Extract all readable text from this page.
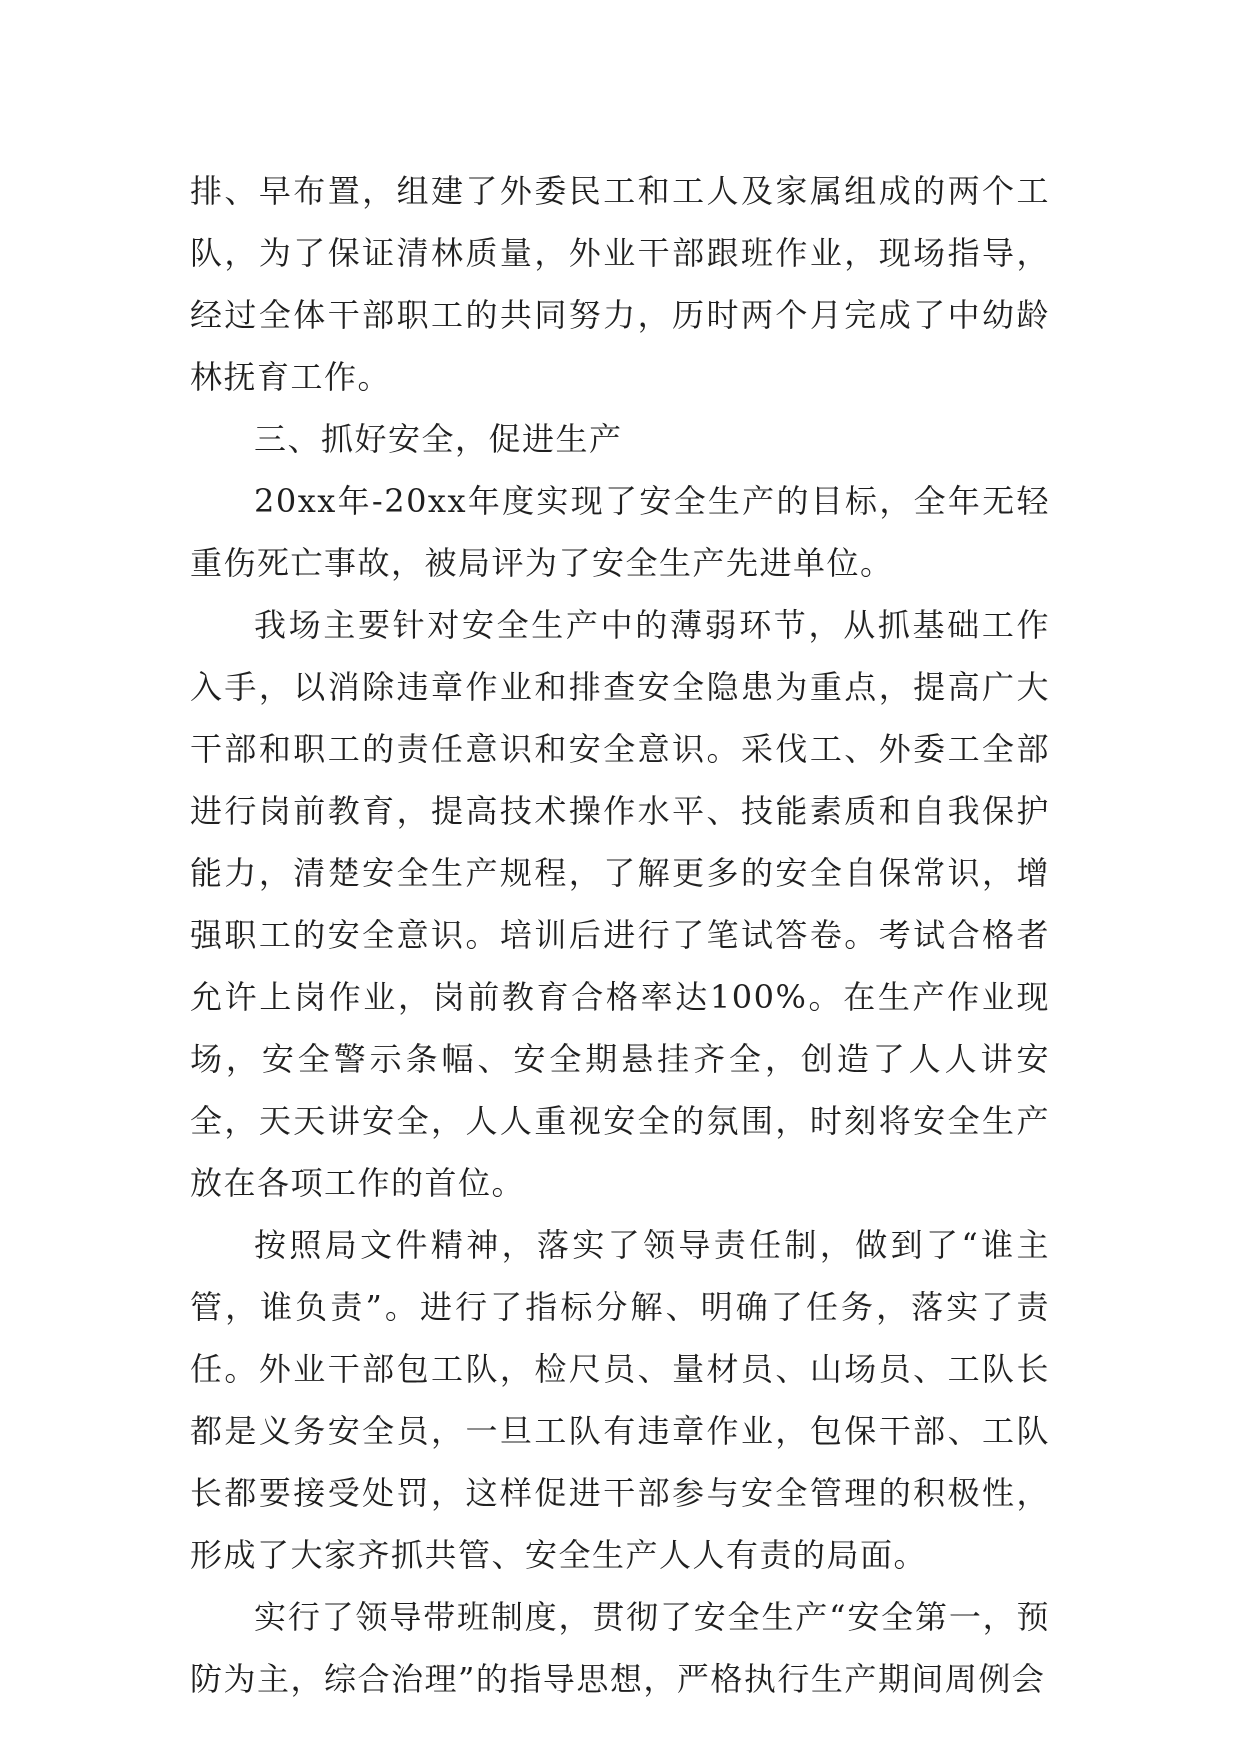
排、早布置，组建了外委民工和工人及家属组成的两个工队，为了保证清林质量，外业干部跟班作业，现场指导，经过全体干部职工的共同努力，历时两个月完成了中幼龄林抚育工作。

三、抓好安全，促进生产

20xx年-20xx年度实现了安全生产的目标，全年无轻重伤死亡事故，被局评为了安全生产先进单位。

我场主要针对安全生产中的薄弱环节，从抓基础工作入手，以消除违章作业和排查安全隐患为重点，提高广大干部和职工的责任意识和安全意识。采伐工、外委工全部进行岗前教育，提高技术操作水平、技能素质和自我保护能力，清楚安全生产规程，了解更多的安全自保常识，增强职工的安全意识。培训后进行了笔试答卷。考试合格者允许上岗作业，岗前教育合格率达100%。在生产作业现场，安全警示条幅、安全期悬挂齐全，创造了人人讲安全，天天讲安全，人人重视安全的氛围，时刻将安全生产放在各项工作的首位。

按照局文件精神，落实了领导责任制，做到了“谁主管，谁负责”。进行了指标分解、明确了任务，落实了责任。外业干部包工队，检尺员、量材员、山场员、工队长都是义务安全员，一旦工队有违章作业，包保干部、工队长都要接受处罚，这样促进干部参与安全管理的积极性，形成了大家齐抓共管、安全生产人人有责的局面。

实行了领导带班制度，贯彻了安全生产“安全第一，预防为主，综合治理”的指导思想，严格执行生产期间周例会
